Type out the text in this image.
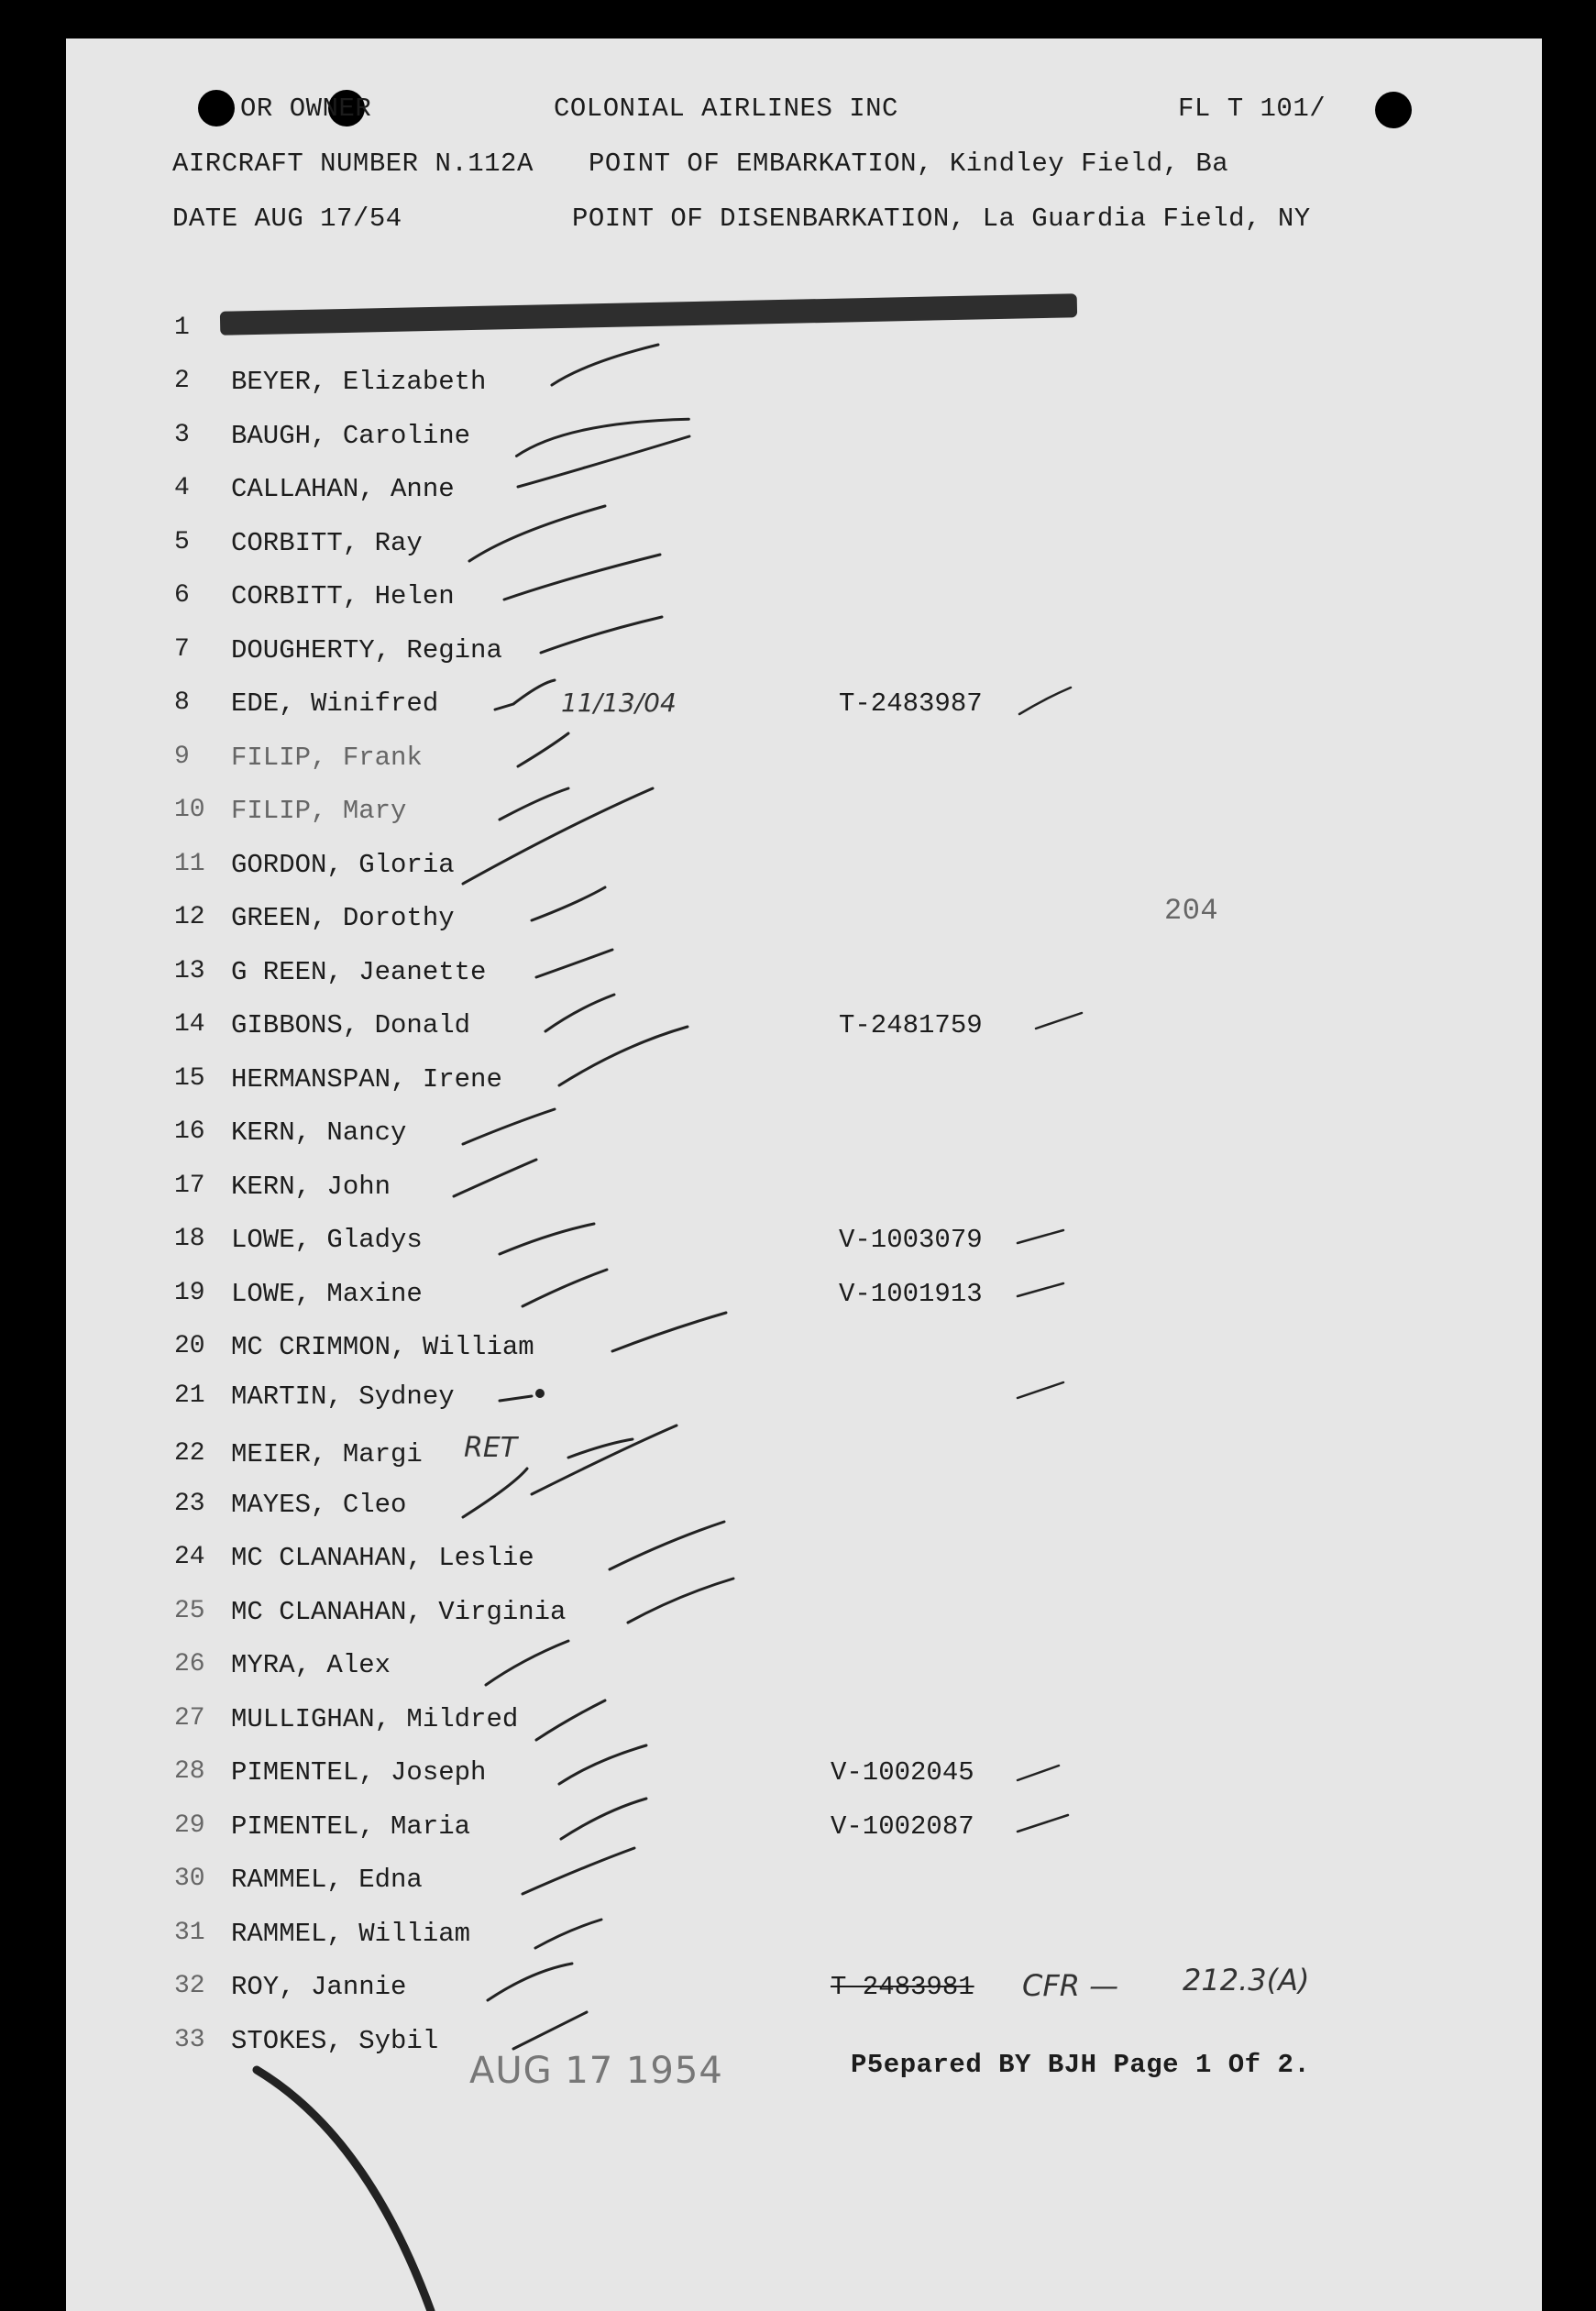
OR OWNER	COLONIAL AIRLINES INC	FL T 101/
AIRCRAFT NUMBER N.112A POINT OF EMBARKATION, Kindley Field, Ba
DATE AUG 17/54	POINT OF DISENBARKATION, La Guardia Field, NY
204
1
2 BEYER, Elizabeth
3 BAUGH, Caroline
4 CALLAHAN, Anne
5 CORBITT, Ray
6 CORBITT, Helen
7 DOUGHERTY, Regina
8 EDE, Winifred	T-2483987
9 FILIP, Frank
10 FILIP, Mary
11 GORDON, Gloria
12 GREEN, Dorothy
13 G REEN, Jeanette
14 GIBBONS, Donald	T-2481759
15 HERMANSPAN, Irene
16 KERN, Nancy
17 KERN, John
18 LOWE, Gladys	V-1003079
19 LOWE, Maxine	V-1001913
20 MC CRIMMON, William
21 MARTIN, Sydney
22 MEIER, Margi RET
23 MAYES, Cleo
24 MC CLANAHAN, Leslie
25 MC CLANAHAN, Virginia
26 MYRA, Alex
27 MULLIGHAN, Mildred
28 PIMENTEL, Joseph	V-1002045
29 PIMENTEL, Maria	V-1002087
30 RAMMEL, Edna
31 RAMMEL, William
32 ROY, Jannie	T 2483981 CFR — 212.3(A)
33 STOKES, Sybil
11/13/04
AUG 17 1954	P5epared BY BJH Page 1 Of 2.
